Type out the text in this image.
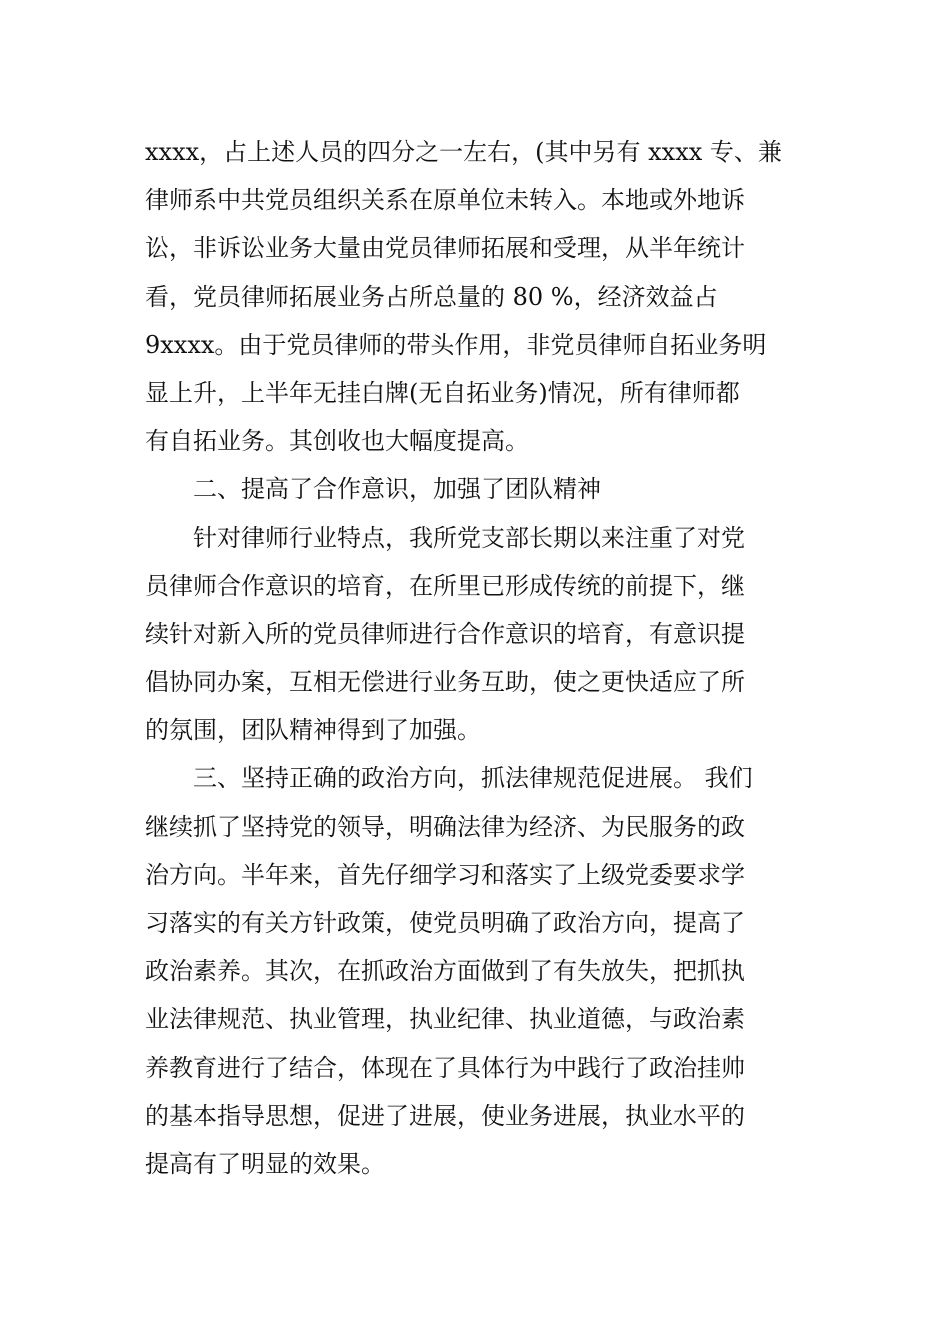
xxxx，占上述人员的四分之一左右，(其中另有 xxxx 专、兼
律师系中共党员组织关系在原单位未转入。本地或外地诉
讼，非诉讼业务大量由党员律师拓展和受理，从半年统计
看，党员律师拓展业务占所总量的 80 %，经济效益占
9xxxx。由于党员律师的带头作用，非党员律师自拓业务明
显上升，上半年无挂白牌(无自拓业务)情况，所有律师都
有自拓业务。其创收也大幅度提高。
二、提高了合作意识，加强了团队精神
针对律师行业特点，我所党支部长期以来注重了对党
员律师合作意识的培育，在所里已形成传统的前提下，继
续针对新入所的党员律师进行合作意识的培育，有意识提
倡协同办案，互相无偿进行业务互助，使之更快适应了所
的氛围，团队精神得到了加强。
三、坚持正确的政治方向，抓法律规范促进展。 我们
继续抓了坚持党的领导，明确法律为经济、为民服务的政
治方向。半年来，首先仔细学习和落实了上级党委要求学
习落实的有关方针政策，使党员明确了政治方向，提高了
政治素养。其次，在抓政治方面做到了有失放失，把抓执
业法律规范、执业管理，执业纪律、执业道德，与政治素
养教育进行了结合，体现在了具体行为中践行了政治挂帅
的基本指导思想，促进了进展，使业务进展，执业水平的
提高有了明显的效果。
